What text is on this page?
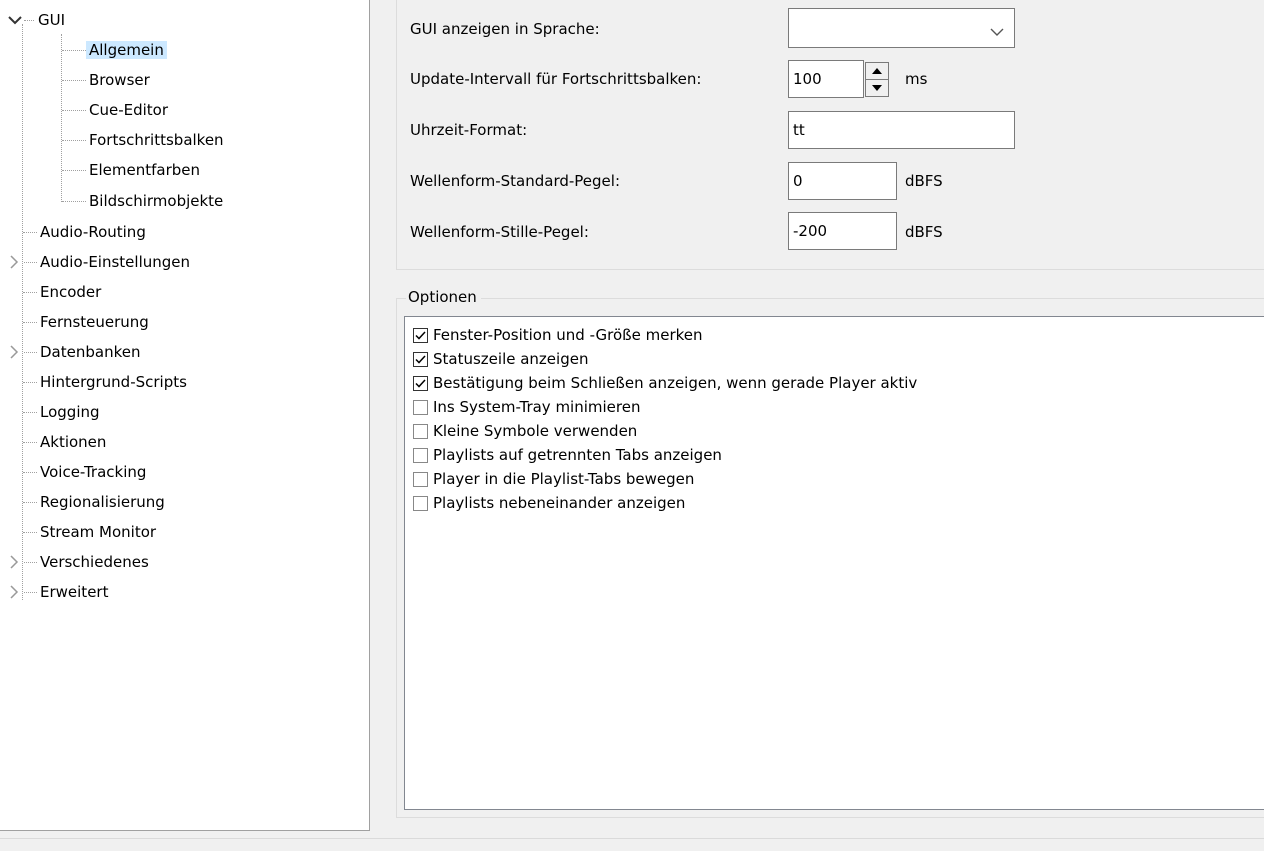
GUI
Allgemein
Browser
Cue-Editor
Fortschrittsbalken
Elementfarben
Bildschirmobjekte
Audio-Routing
Audio-Einstellungen
Encoder
Fernsteuerung
Datenbanken
Hintergrund-Scripts
Logging
Aktionen
Voice-Tracking
Regionalisierung
Stream Monitor
Verschiedenes
Erweitert
GUI anzeigen in Sprache:
Update-Intervall für Fortschrittsbalken:	100	ms
Uhrzeit-Format:	tt
Wellenform-Standard-Pegel:	0	dBFS
Wellenform-Stille-Pegel:	-200	dBFS
Optionen
Fenster-Position und -Größe merken
Statuszeile anzeigen
Bestätigung beim Schließen anzeigen, wenn gerade Player aktiv
Ins System-Tray minimieren
Kleine Symbole verwenden
Playlists auf getrennten Tabs anzeigen
Player in die Playlist-Tabs bewegen
Playlists nebeneinander anzeigen
